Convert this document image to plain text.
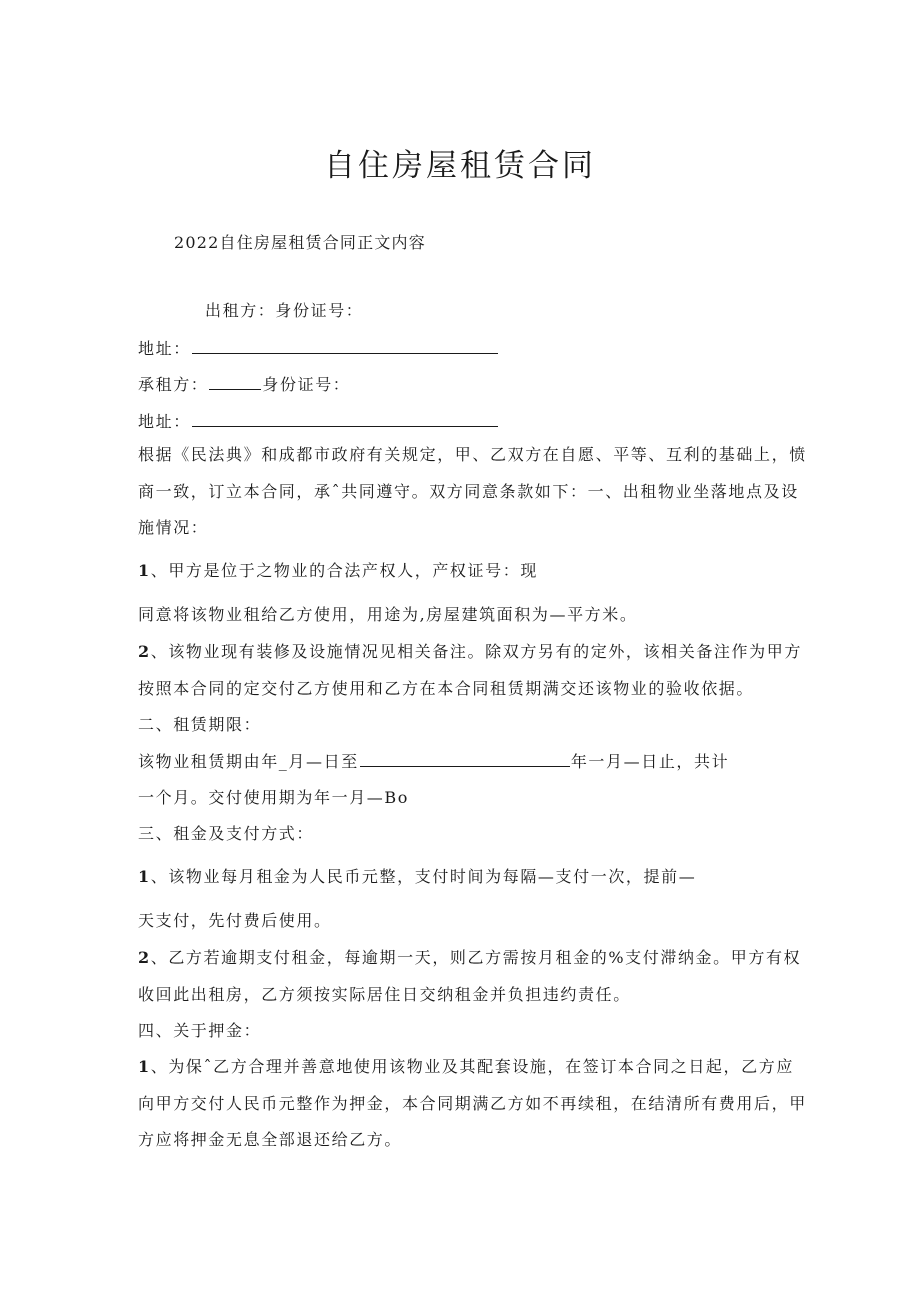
自住房屋租赁合同
2022自住房屋租赁合同正文内容
出租方：身份证号：
地址：
承租方：	身份证号：
地址：
根据《民法典》和成都市政府有关规定，甲、乙双方在自愿、平等、互利的基础上，愤
商一致，订立本合同，承ˆ共同遵守。双方同意条款如下：一、出租物业坐落地点及设
施情况：
1、甲方是位于之物业的合法产权人，产权证号：现
同意将该物业租给乙方使用，用途为,房屋建筑面积为—平方米。
2、该物业现有装修及设施情况见相关备注。除双方另有的定外，该相关备注作为甲方
按照本合同的定交付乙方使用和乙方在本合同租赁期满交还该物业的验收依据。
二、租赁期限：
该物业租赁期由年_月—日至	年一月—日止，共计
一个月。交付使用期为年一月—Bo
三、租金及支付方式：
1、该物业每月租金为人民币元整，支付时间为每隔—支付一次，提前—
天支付，先付费后使用。
2、乙方若逾期支付租金，每逾期一天，则乙方需按月租金的%支付滞纳金。甲方有权
收回此出租房，乙方须按实际居住日交纳租金并负担违约责任。
四、关于押金：
1、为保ˆ乙方合理并善意地使用该物业及其配套设施，在签订本合同之日起，乙方应
向甲方交付人民币元整作为押金，本合同期满乙方如不再续租，在结清所有费用后，甲
方应将押金无息全部退还给乙方。
